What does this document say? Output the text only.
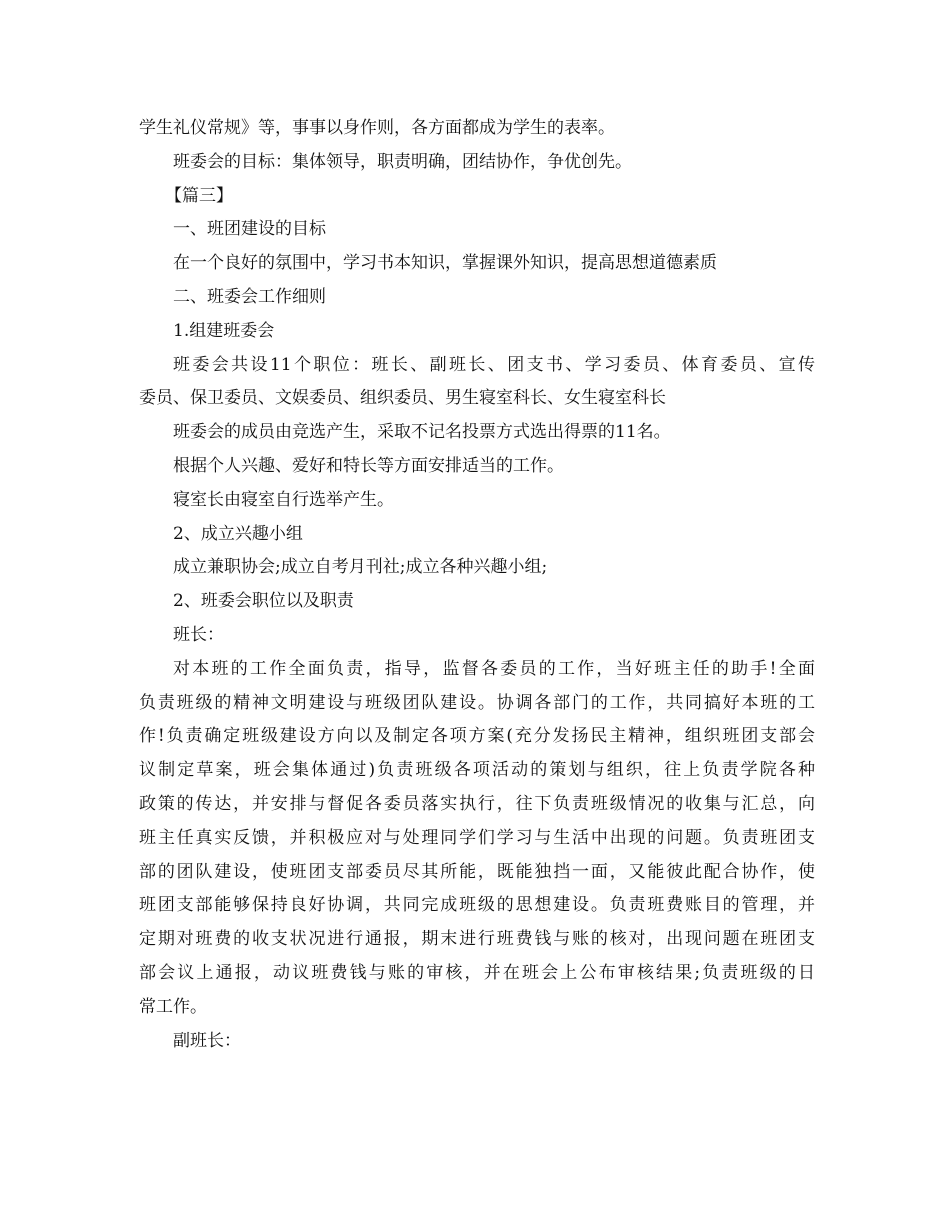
学生礼仪常规》等，事事以身作则，各方面都成为学生的表率。
班委会的目标：集体领导，职责明确，团结协作，争优创先。
【篇三】
一、班团建设的目标
在一个良好的氛围中，学习书本知识，掌握课外知识，提高思想道德素质
二、班委会工作细则
1.组建班委会
班委会共设11个职位：班长、副班长、团支书、学习委员、体育委员、宣传
委员、保卫委员、文娱委员、组织委员、男生寝室科长、女生寝室科长
班委会的成员由竞选产生，采取不记名投票方式选出得票的11名。
根据个人兴趣、爱好和特长等方面安排适当的工作。
寝室长由寝室自行选举产生。
2、成立兴趣小组
成立兼职协会;成立自考月刊社;成立各种兴趣小组;
2、班委会职位以及职责
班长：
对本班的工作全面负责，指导，监督各委员的工作，当好班主任的助手!全面
负责班级的精神文明建设与班级团队建设。协调各部门的工作，共同搞好本班的工
作!负责确定班级建设方向以及制定各项方案(充分发扬民主精神，组织班团支部会
议制定草案，班会集体通过)负责班级各项活动的策划与组织，往上负责学院各种
政策的传达，并安排与督促各委员落实执行，往下负责班级情况的收集与汇总，向
班主任真实反馈，并积极应对与处理同学们学习与生活中出现的问题。负责班团支
部的团队建设，使班团支部委员尽其所能，既能独挡一面，又能彼此配合协作，使
班团支部能够保持良好协调，共同完成班级的思想建设。负责班费账目的管理，并
定期对班费的收支状况进行通报，期末进行班费钱与账的核对，出现问题在班团支
部会议上通报，动议班费钱与账的审核，并在班会上公布审核结果;负责班级的日
常工作。
副班长：
